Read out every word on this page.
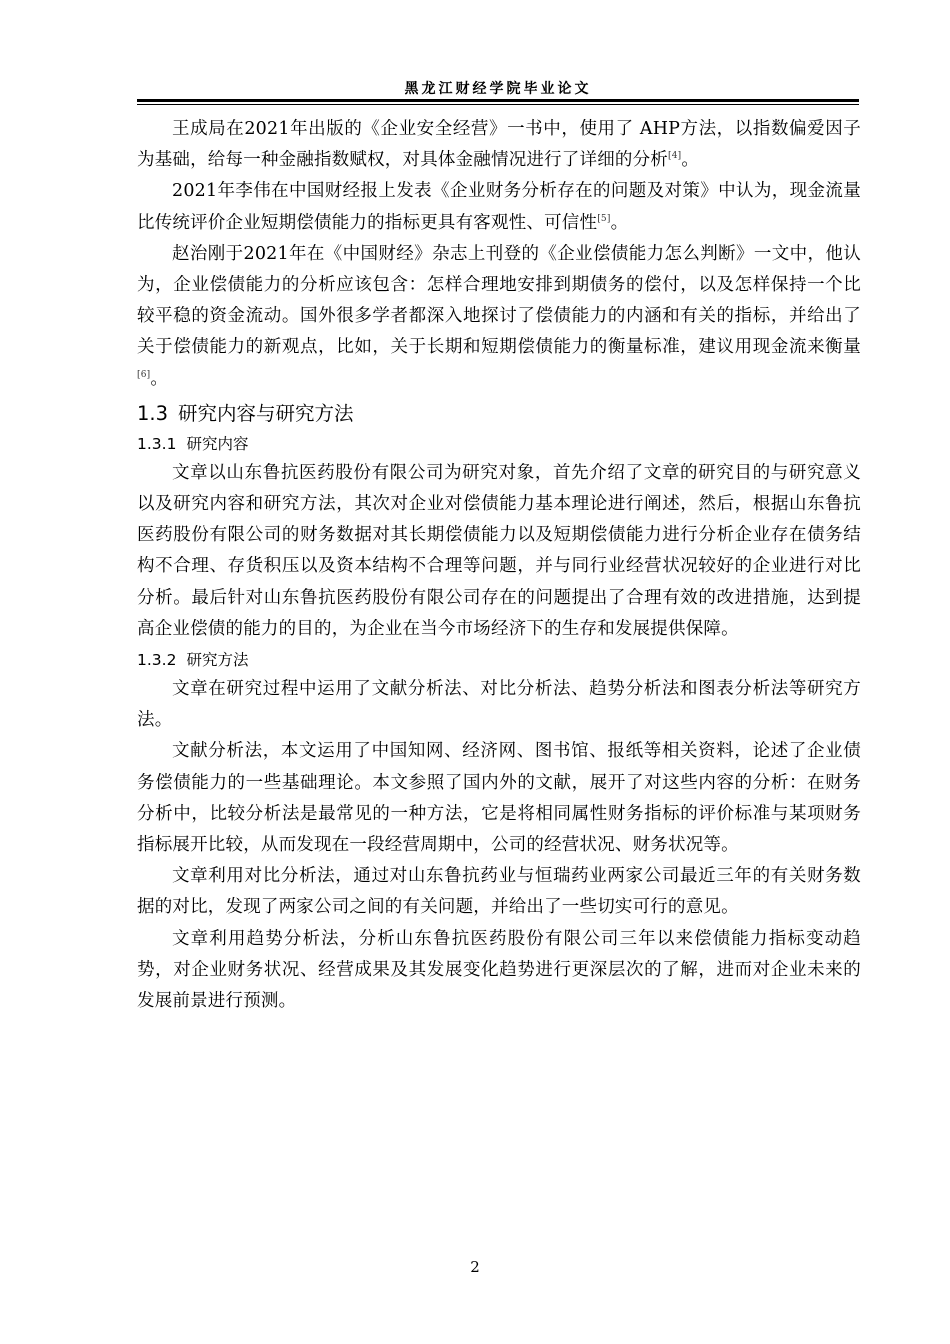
黑龙江财经学院毕业论文

王成局在2021年出版的《企业安全经营》一书中，使用了 AHP方法，以指数偏爱因子为基础，给每一种金融指数赋权，对具体金融情况进行了详细的分析[4]。

2021年李伟在中国财经报上发表《企业财务分析存在的问题及对策》中认为，现金流量比传统评价企业短期偿债能力的指标更具有客观性、可信性[5]。

赵治刚于2021年在《中国财经》杂志上刊登的《企业偿债能力怎么判断》一文中，他认为，企业偿债能力的分析应该包含：怎样合理地安排到期债务的偿付，以及怎样保持一个比较平稳的资金流动。国外很多学者都深入地探讨了偿债能力的内涵和有关的指标，并给出了关于偿债能力的新观点，比如，关于长期和短期偿债能力的衡量标准，建议用现金流来衡量[6]。

1.3 研究内容与研究方法
1.3.1 研究内容

文章以山东鲁抗医药股份有限公司为研究对象，首先介绍了文章的研究目的与研究意义以及研究内容和研究方法，其次对企业对偿债能力基本理论进行阐述，然后，根据山东鲁抗医药股份有限公司的财务数据对其长期偿债能力以及短期偿债能力进行分析企业存在债务结构不合理、存货积压以及资本结构不合理等问题，并与同行业经营状况较好的企业进行对比分析。最后针对山东鲁抗医药股份有限公司存在的问题提出了合理有效的改进措施，达到提高企业偿债的能力的目的，为企业在当今市场经济下的生存和发展提供保障。

1.3.2 研究方法

文章在研究过程中运用了文献分析法、对比分析法、趋势分析法和图表分析法等研究方法。

文献分析法，本文运用了中国知网、经济网、图书馆、报纸等相关资料，论述了企业债务偿债能力的一些基础理论。本文参照了国内外的文献，展开了对这些内容的分析：在财务分析中，比较分析法是最常见的一种方法，它是将相同属性财务指标的评价标准与某项财务指标展开比较，从而发现在一段经营周期中，公司的经营状况、财务状况等。

文章利用对比分析法，通过对山东鲁抗药业与恒瑞药业两家公司最近三年的有关财务数据的对比，发现了两家公司之间的有关问题，并给出了一些切实可行的意见。

文章利用趋势分析法，分析山东鲁抗医药股份有限公司三年以来偿债能力指标变动趋势，对企业财务状况、经营成果及其发展变化趋势进行更深层次的了解，进而对企业未来的发展前景进行预测。

2
